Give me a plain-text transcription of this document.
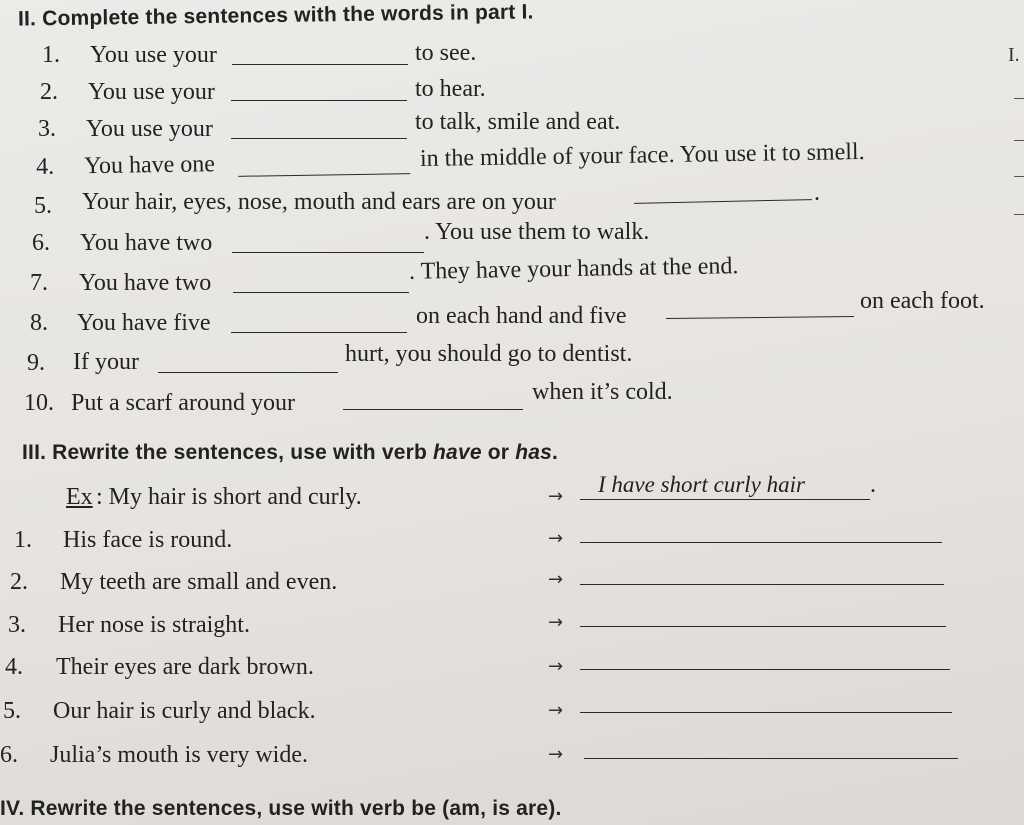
II. Complete the sentences with the words in part I.
I.
1. You use your	to see.
2. You use your	to hear.
3. You use your	to talk, smile and eat.
4. You have one	in the middle of your face. You use it to smell.
5. Your hair, eyes, nose, mouth and ears are on your	.
6. You have two	. You use them to walk.
7. You have two	. They have your hands at the end.
8. You have five	on each hand and five
on each foot.
9. If your	hurt, you should go to dentist.
10. Put a scarf around your	when it’s cold.
III. Rewrite the sentences, use with verb have or has.
Ex : My hair is short and curly.	→ I have short curly hair	.
1. His face is round.	→
2. My teeth are small and even.	→
3. Her nose is straight.	→
4. Their eyes are dark brown.	→
5. Our hair is curly and black.	→
6. Julia’s mouth is very wide.	→
IV. Rewrite the sentences, use with verb be (am, is are).
